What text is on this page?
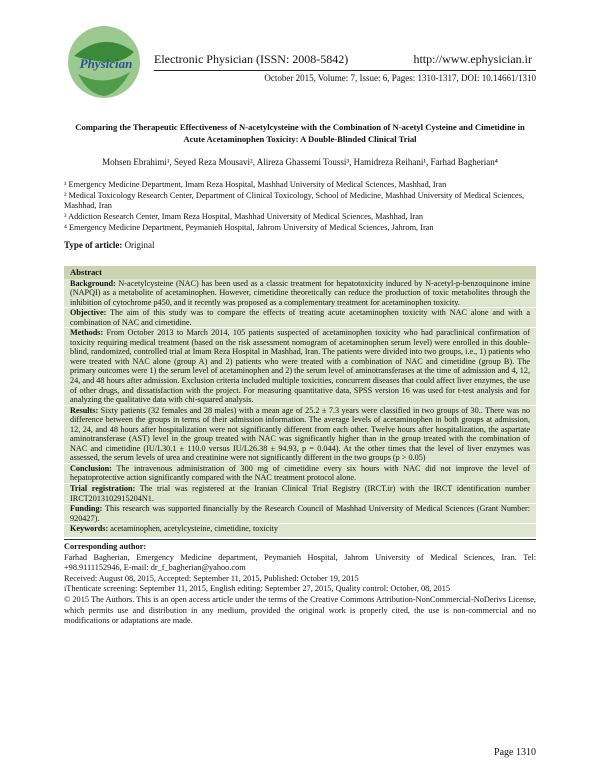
Physician Electronic Physician (ISSN: 2008-5842)	http://www.ephysician.ir
October 2015, Volume: 7, Issue: 6, Pages: 1310-1317, DOI: 10.14661/1310
Comparing the Therapeutic Effectiveness of N-acetylcysteine with the Combination of N-acetyl Cysteine and Cimetidine in Acute Acetaminophen Toxicity: A Double-Blinded Clinical Trial
Mohsen Ebrahimi¹, Seyed Reza Mousavi², Alireza Ghassemi Toussi³, Hamidreza Reihani¹, Farhad Bagherian⁴

¹ Emergency Medicine Department, Imam Reza Hospital, Mashhad University of Medical Sciences, Mashhad, Iran

² Medical Toxicology Research Center, Department of Clinical Toxicology, School of Medicine, Mashhad University of Medical Sciences, Mashhad, Iran

³ Addiction Research Center, Imam Reza Hospital, Mashhad University of Medical Sciences, Mashhad, Iran

⁴ Emergency Medicine Department, Peymanieh Hospital, Jahrom University of Medical Sciences, Jahrom, Iran

Type of article: Original
Abstract
Background: N-acetylcysteine (NAC) has been used as a classic treatment for hepatotoxicity induced by N-acetyl-p-benzoquinone imine (NAPQI) as a metabolite of acetaminophen. However, cimetidine theoretically can reduce the production of toxic metabolites through the inhibition of cytochrome p450, and it recently was proposed as a complementary treatment for acetaminophen toxicity.
Objective: The aim of this study was to compare the effects of treating acute acetaminophen toxicity with NAC alone and with a combination of NAC and cimetidine.
Methods: From October 2013 to March 2014, 105 patients suspected of acetaminophen toxicity who had paraclinical confirmation of toxicity requiring medical treatment (based on the risk assessment nomogram of acetaminophen serum level) were enrolled in this double-blind, randomized, controlled trial at Imam Reza Hospital in Mashhad, Iran. The patients were divided into two groups, i.e., 1) patients who were treated with NAC alone (group A) and 2) patients who were treated with a combination of NAC and cimetidine (group B). The primary outcomes were 1) the serum level of acetaminophen and 2) the serum level of aminotransferases at the time of admission and 4, 12, 24, and 48 hours after admission. Exclusion criteria included multiple toxicities, concurrent diseases that could affect liver enzymes, the use of other drugs, and dissatisfaction with the project. For measuring quantitative data, SPSS version 16 was used for t-test analysis and for analyzing the qualitative data with chi-squared analysis.
Results: Sixty patients (32 females and 28 males) with a mean age of 25.2 ± 7.3 years were classified in two groups of 30.. There was no difference between the groups in terms of their admission information. The average levels of acetaminophen in both groups at admission, 12, 24, and 48 hours after hospitalization were not significantly different from each other. Twelve hours after hospitalization, the aspartate aminotransferase (AST) level in the group treated with NAC was significantly higher than in the group treated with the combination of NAC and cimetidine (IU/L30.1 ± 110.0 versus IU/L26.38 ± 94.93, p = 0.044). At the other times that the level of liver enzymes was assessed, the serum levels of urea and creatinine were not significantly different in the two groups (p > 0.05)
Conclusion: The intravenous administration of 300 mg of cimetidine every six hours with NAC did not improve the level of hepatoprotective action significantly compared with the NAC treatment protocol alone.
Trial registration: The trial was registered at the Iranian Clinical Trial Registry (IRCT.ir) with the IRCT identification number IRCT2013102915204N1.
Funding: This research was supported financially by the Research Council of Mashhad University of Medical Sciences (Grant Number: 920427).
Keywords: acetaminophen, acetylcysteine, cimetidine, toxicity

Corresponding author:

Farhad Bagherian, Emergency Medicine department, Peymanieh Hospital, Jahrom University of Medical Sciences, Iran. Tel: +98.9111152946, E-mail: dr_f_bagherian@yahoo.com

Received: August 08, 2015, Accepted: September 11, 2015, Published: October 19, 2015

iThenticate screening: September 11, 2015, English editing: September 27, 2015, Quality control: October, 08, 2015

© 2015 The Authors. This is an open access article under the terms of the Creative Commons Attribution-NonCommercial-NoDerivs License, which permits use and distribution in any medium, provided the original work is properly cited, the use is non-commercial and no modifications or adaptations are made.

Page 1310
